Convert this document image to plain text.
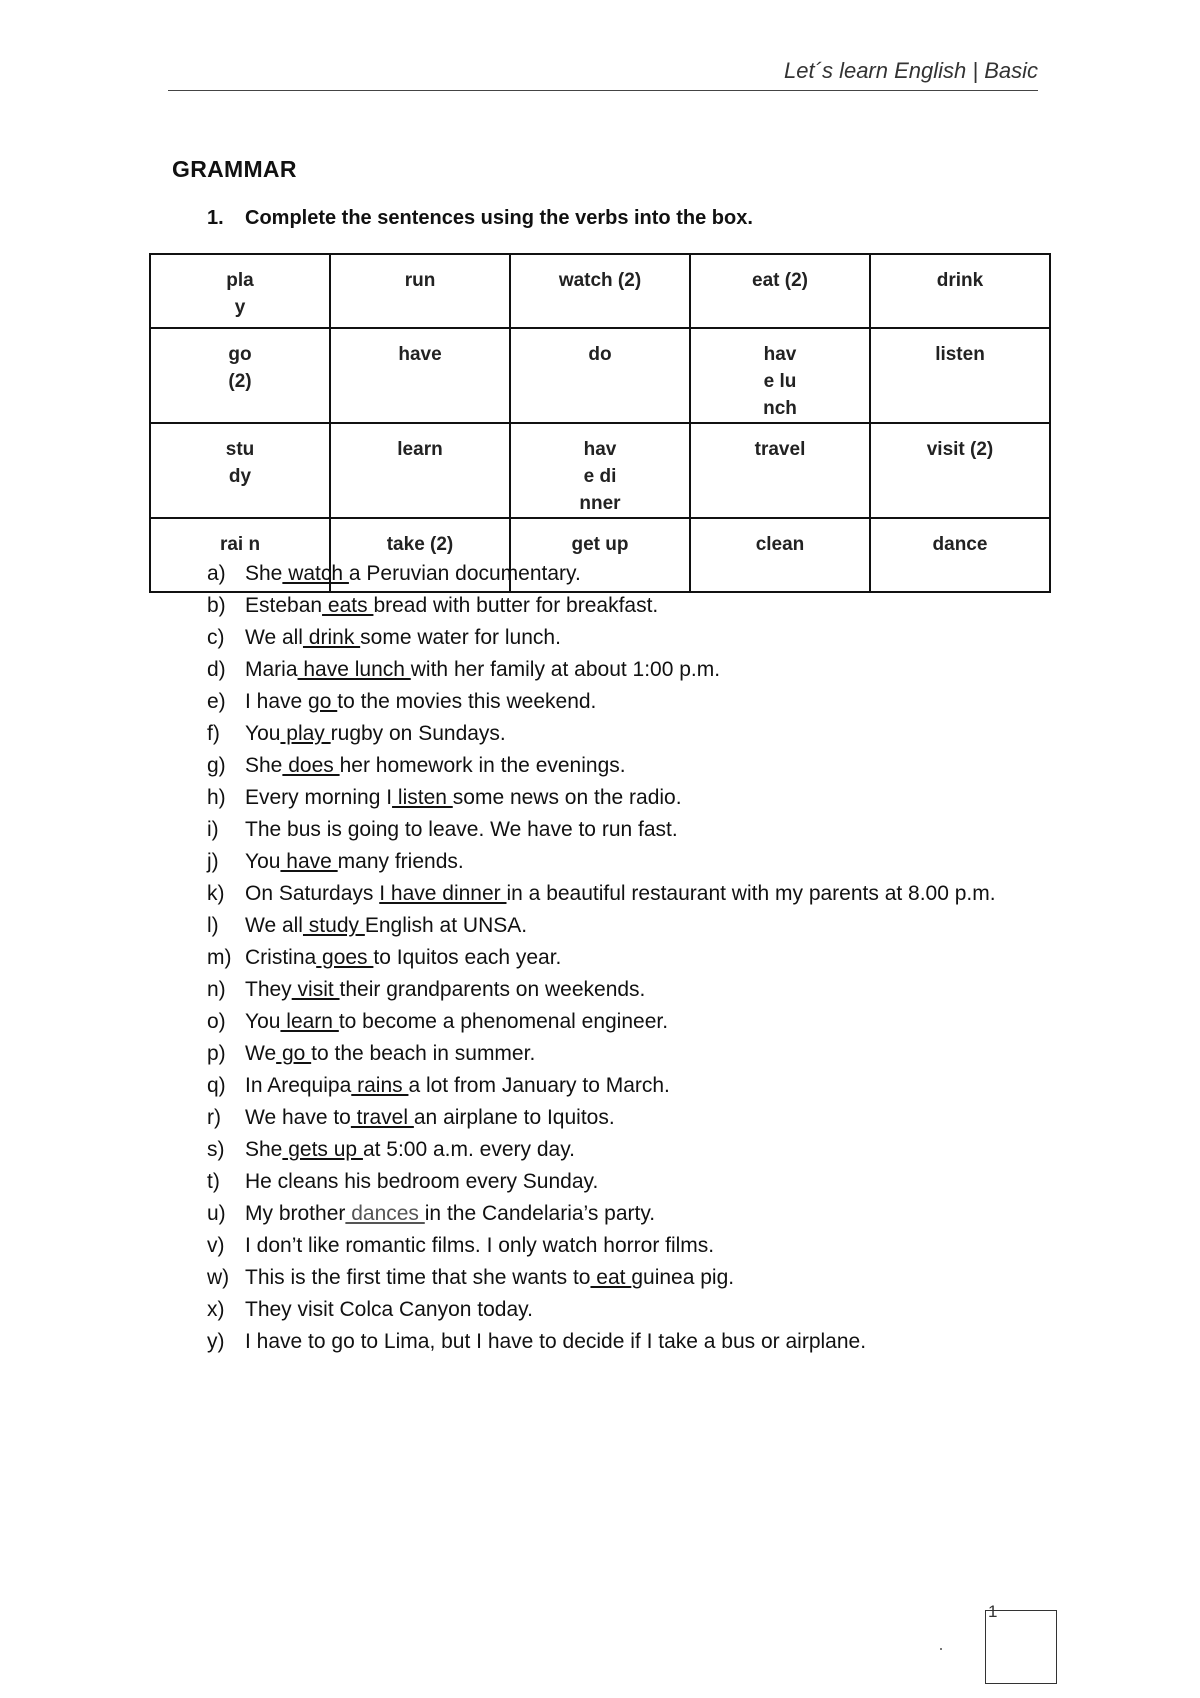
Let´s learn English | Basic
GRAMMAR
1. Complete the sentences using the verbs into the box.
pla y	run	watch (2)	eat (2)	drink
go (2)	have	do	have lunch	listen
stu dy	learn	have dinner	travel	visit (2)
rai n	take (2)	get up	clean	dance
a) She watch a Peruvian documentary.
b) Esteban eats bread with butter for breakfast.
c) We all drink some water for lunch.
d) Maria have lunch with her family at about 1:00 p.m.
e) I have go to the movies this weekend.
f)	You play rugby on Sundays.
g) She does her homework in the evenings.
h) Every morning I listen some news on the radio.
i)	The bus is going to leave. We have to run fast.
j)	You have many friends.
k) On Saturdays I have dinner in a beautiful restaurant with my parents at 8.00 p.m.
l)	We all study English at UNSA.
m) Cristina goes to Iquitos each year.
n) They visit their grandparents on weekends.
o) You learn to become a phenomenal engineer.
p) We go to the beach in summer.
q) In Arequipa rains a lot from January to March.
r)	We have to travel an airplane to Iquitos.
s) She gets up at 5:00 a.m. every day.
t)	He cleans his bedroom every Sunday.
u) My brother dances in the Candelaria’s party.
v) I don’t like romantic films. I only watch horror films.
w) This is the first time that she wants to eat guinea pig.
x) They visit Colca Canyon today.
y) I have to go to Lima, but I have to decide if I take a bus or airplane.
1
